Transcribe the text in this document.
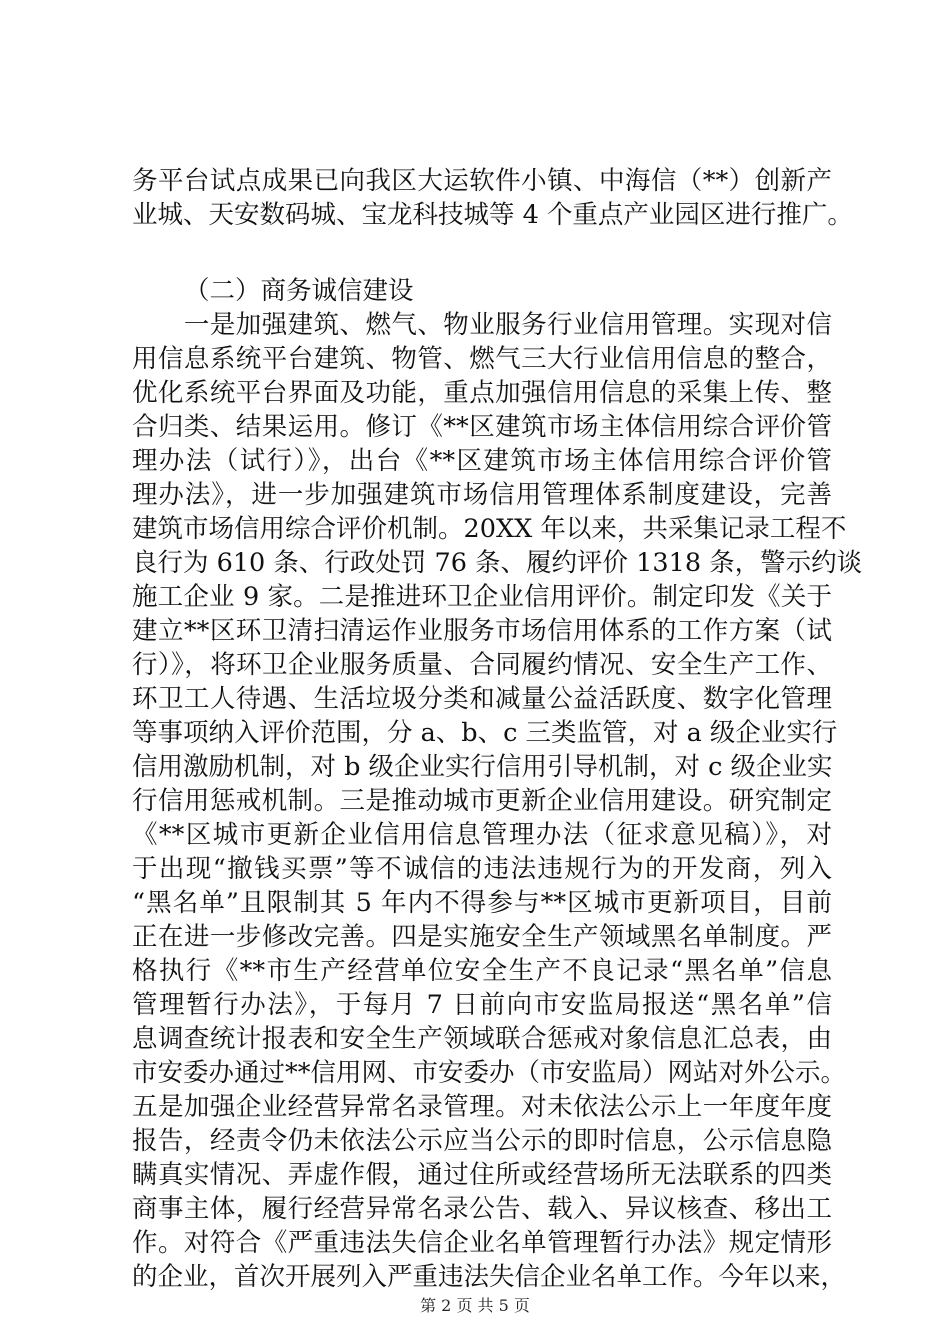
务平台试点成果已向我区大运软件小镇、中海信（**）创新产
业城、天安数码城、宝龙科技城等 4 个重点产业园区进行推广。
（二）商务诚信建设
　　一是加强建筑、燃气、物业服务行业信用管理。实现对信
用信息系统平台建筑、物管、燃气三大行业信用信息的整合，
优化系统平台界面及功能，重点加强信用信息的采集上传、整
合归类、结果运用。修订《**区建筑市场主体信用综合评价管
理办法（试行）》，出台《**区建筑市场主体信用综合评价管
理办法》，进一步加强建筑市场信用管理体系制度建设，完善
建筑市场信用综合评价机制。20XX 年以来，共采集记录工程不
良行为 610 条、行政处罚 76 条、履约评价 1318 条，警示约谈
施工企业 9 家。二是推进环卫企业信用评价。制定印发《关于
建立**区环卫清扫清运作业服务市场信用体系的工作方案（试
行）》，将环卫企业服务质量、合同履约情况、安全生产工作、
环卫工人待遇、生活垃圾分类和减量公益活跃度、数字化管理
等事项纳入评价范围，分 a、b、c 三类监管，对 a 级企业实行
信用激励机制，对 b 级企业实行信用引导机制，对 c 级企业实
行信用惩戒机制。三是推动城市更新企业信用建设。研究制定
《**区城市更新企业信用信息管理办法（征求意见稿）》，对
于出现“撤钱买票”等不诚信的违法违规行为的开发商，列入
“黑名单”且限制其 5 年内不得参与**区城市更新项目，目前
正在进一步修改完善。四是实施安全生产领域黑名单制度。严
格执行《**市生产经营单位安全生产不良记录“黑名单”信息
管理暂行办法》，于每月 7 日前向市安监局报送“黑名单”信
息调查统计报表和安全生产领域联合惩戒对象信息汇总表，由
市安委办通过**信用网、市安委办（市安监局）网站对外公示。
五是加强企业经营异常名录管理。对未依法公示上一年度年度
报告，经责令仍未依法公示应当公示的即时信息，公示信息隐
瞒真实情况、弄虚作假，通过住所或经营场所无法联系的四类
商事主体，履行经营异常名录公告、载入、异议核查、移出工
作。对符合《严重违法失信企业名单管理暂行办法》规定情形
的企业，首次开展列入严重违法失信企业名单工作。今年以来，
第 2 页 共 5 页
